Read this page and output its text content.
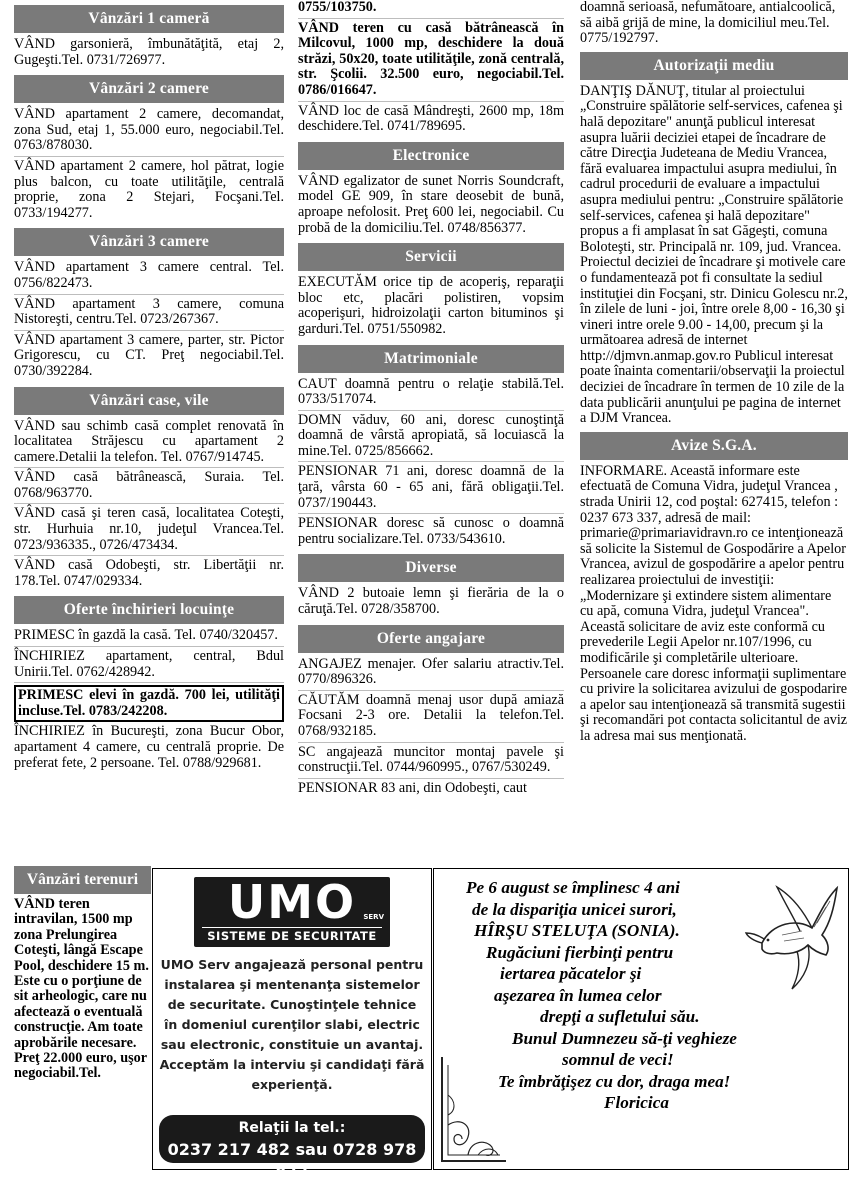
Vânzări 1 cameră
VÂND garsonieră, îmbunătăţită, etaj 2, Gugeşti.Tel. 0731/726977.
Vânzări 2 camere
VÂND apartament 2 camere, decomandat, zona Sud, etaj 1, 55.000 euro, negociabil.Tel. 0763/878030.
VÂND apartament 2 camere, hol pătrat, logie plus balcon, cu toate utilităţile, centrală proprie, zona 2 Stejari, Focşani.Tel. 0733/194277.
Vânzări 3 camere
VÂND apartament 3 camere central. Tel. 0756/822473.
VÂND apartament 3 camere, comuna Nistoreşti, centru.Tel. 0723/267367.
VÂND apartament 3 camere, parter, str. Pictor Grigorescu, cu CT. Preţ negociabil.Tel. 0730/392284.
Vânzări case, vile
VÂND sau schimb casă complet renovată în localitatea Străjescu cu apartament 2 camere.Detalii la telefon. Tel. 0767/914745.
VÂND casă bătrânească, Suraia. Tel. 0768/963770.
VÂND casă şi teren casă, localitatea Coteşti, str. Hurhuia nr.10, judeţul Vrancea.Tel. 0723/936335., 0726/473434.
VÂND casă Odobeşti, str. Libertăţii nr. 178.Tel. 0747/029334.
Oferte închirieri locuinţe
PRIMESC în gazdă la casă. Tel. 0740/320457.
ÎNCHIRIEZ apartament, central, Bdul Unirii.Tel. 0762/428942.
PRIMESC elevi în gazdă. 700 lei, utilităţi incluse.Tel. 0783/242208.
ÎNCHIRIEZ în Bucureşti, zona Bucur Obor, apartament 4 camere, cu centrală proprie. De preferat fete, 2 persoane. Tel. 0788/929681.
0755/103750.
VÂND teren cu casă bătrânească în Milcovul, 1000 mp, deschidere la două străzi, 50x20, toate utilităţile, zonă centrală, str. Şcolii. 32.500 euro, negociabil.Tel. 0786/016647.
VÂND loc de casă Mândreşti, 2600 mp, 18m deschidere.Tel. 0741/789695.
Electronice
VÂND egalizator de sunet Norris Soundcraft, model GE 909, în stare deosebit de bună, aproape nefolosit. Preţ 600 lei, negociabil. Cu probă de la domiciliu.Tel. 0748/856377.
Servicii
EXECUTĂM orice tip de acoperiş, reparaţii bloc etc, placări polistiren, vopsim acoperişuri, hidroizolaţii carton bituminos şi garduri.Tel. 0751/550982.
Matrimoniale
CAUT doamnă pentru o relaţie stabilă.Tel. 0733/517074.
DOMN văduv, 60 ani, doresc cunoştinţă doamnă de vârstă apropiată, să locuiască la mine.Tel. 0725/856662.
PENSIONAR 71 ani, doresc doamnă de la ţară, vârsta 60 - 65 ani, fără obligaţii.Tel. 0737/190443.
PENSIONAR doresc să cunosc o doamnă pentru socializare.Tel. 0733/543610.
Diverse
VÂND 2 butoaie lemn şi fierăria de la o căruţă.Tel. 0728/358700.
Oferte angajare
ANGAJEZ menajer. Ofer salariu atractiv.Tel. 0770/896326.
CĂUTĂM doamnă menaj usor după amiază Focsani 2-3 ore. Detalii la telefon.Tel. 0768/932185.
SC angajează muncitor montaj pavele şi construcţii.Tel. 0744/960995., 0767/530249.
PENSIONAR 83 ani, din Odobeşti, caut
doamnă serioasă, nefumătoare, antialcoolică, să aibă grijă de mine, la domiciliul meu.Tel. 0775/192797.
Autorizaţii mediu
DANŢIŞ DĂNUŢ, titular al proiectului „Construire spălătorie self-services, cafenea şi hală depozitare" anunţă publicul interesat asupra luării deciziei etapei de încadrare de către Direcţia Judeteana de Mediu Vrancea, fără evaluarea impactului asupra mediului, în cadrul procedurii de evaluare a impactului asupra mediului pentru: „Construire spălătorie self-services, cafenea şi hală depozitare" propus a fi amplasat în sat Găgeşti, comuna Boloteşti, str. Principală nr. 109, jud. Vrancea. Proiectul deciziei de încadrare şi motivele care o fundamentează pot fi consultate la sediul instituţiei din Focşani, str. Dinicu Golescu nr.2, în zilele de luni - joi, între orele 8,00 - 16,30 şi vineri intre orele 9.00 - 14,00, precum şi la următoarea adresă de internet http://djmvn.anmap.gov.ro Publicul interesat poate înainta comentarii/observaţii la proiectul deciziei de încadrare în termen de 10 zile de la data publicării anunţului pe pagina de internet a DJM Vrancea.
Avize S.G.A.
INFORMARE. Această informare este efectuată de Comuna Vidra, judeţul Vrancea , strada Unirii 12, cod poştal: 627415, telefon : 0237 673 337, adresă de mail: primarie@primariavidravn.ro ce intenţionează să solicite la Sistemul de Gospodărire a Apelor Vrancea, avizul de gospodărire a apelor pentru realizarea proiectului de investiţii: „Modernizare şi extindere sistem alimentare cu apă, comuna Vidra, judeţul Vrancea". Această solicitare de aviz este conformă cu prevederile Legii Apelor nr.107/1996, cu modificările şi completările ulterioare. Persoanele care doresc informaţii suplimentare cu privire la solicitarea avizului de gospodarire a apelor sau intenţionează să transmită sugestii şi recomandări pot contacta solicitantul de aviz la adresa mai sus menţionată.
Vânzări terenuri
VÂND teren intravilan, 1500 mp zona Prelungirea Coteşti, lângă Escape Pool, deschidere 15 m. Este cu o porţiune de sit arheologic, care nu afectează o eventuală construcţie. Am toate aprobările necesare. Preţ 22.000 euro, uşor negociabil.Tel.
UMO	SERV
SISTEME DE SECURITATE
UMO Serv angajează personal pentru instalarea şi mentenanţa sistemelor de securitate. Cunoştinţele tehnice în domeniul curenţilor slabi, electric sau electronic, constituie un avantaj. Acceptăm la interviu şi candidaţi fără experienţă.
Relaţii la tel.:
0237 217 482 sau 0728 978 877
Pe 6 august se împlinesc 4 ani
de la dispariţia unicei surori,
HÎRŞU STELUŢA (SONIA).
Rugăciuni fierbinţi pentru
iertarea păcatelor şi
aşezarea în lumea celor
drepţi a sufletului său.
Bunul Dumnezeu să-ţi veghieze
somnul de veci!
Te îmbrăţişez cu dor, draga mea!
Floricica
